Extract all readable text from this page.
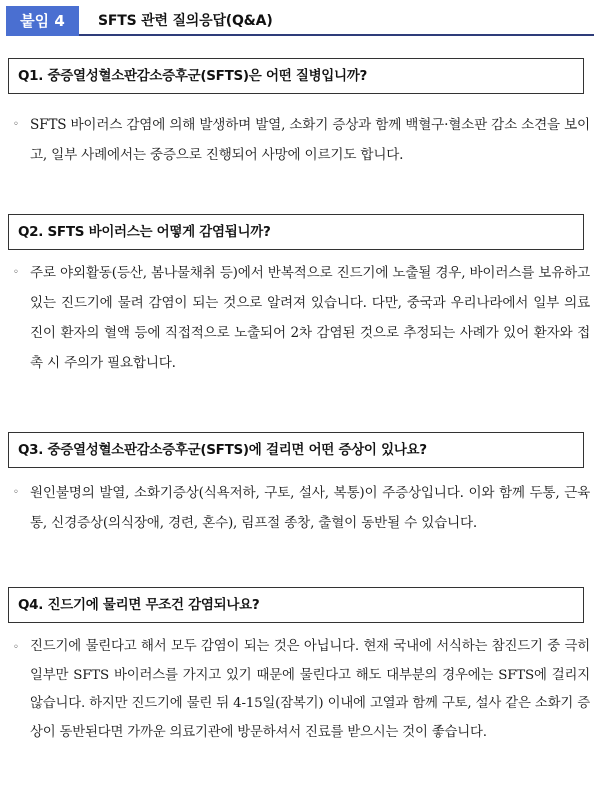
붙임 4	SFTS 관련 질의응답(Q&A)
Q1. 중증열성혈소판감소증후군(SFTS)은 어떤 질병입니까?
◦ SFTS 바이러스 감염에 의해 발생하며 발열, 소화기 증상과 함께 백혈구·혈소판 감소 소견을 보이고, 일부 사례에서는 중증으로 진행되어 사망에 이르기도 합니다.
Q2. SFTS 바이러스는 어떻게 감염됩니까?
◦ 주로 야외활동(등산, 봄나물채취 등)에서 반복적으로 진드기에 노출될 경우, 바이러스를 보유하고 있는 진드기에 물려 감염이 되는 것으로 알려져 있습니다. 다만, 중국과 우리나라에서 일부 의료진이 환자의 혈액 등에 직접적으로 노출되어 2차 감염된 것으로 추정되는 사례가 있어 환자와 접촉 시 주의가 필요합니다.
Q3. 중증열성혈소판감소증후군(SFTS)에 걸리면 어떤 증상이 있나요?
◦ 원인불명의 발열, 소화기증상(식욕저하, 구토, 설사, 복통)이 주증상입니다. 이와 함께 두통, 근육통, 신경증상(의식장애, 경련, 혼수), 림프절 종창, 출혈이 동반될 수 있습니다.
Q4. 진드기에 물리면 무조건 감염되나요?
◦ 진드기에 물린다고 해서 모두 감염이 되는 것은 아닙니다. 현재 국내에 서식하는 참진드기 중 극히 일부만 SFTS 바이러스를 가지고 있기 때문에 물린다고 해도 대부분의 경우에는 SFTS에 걸리지 않습니다. 하지만 진드기에 물린 뒤 4-15일(잠복기) 이내에 고열과 함께 구토, 설사 같은 소화기 증상이 동반된다면 가까운 의료기관에 방문하셔서 진료를 받으시는 것이 좋습니다.
